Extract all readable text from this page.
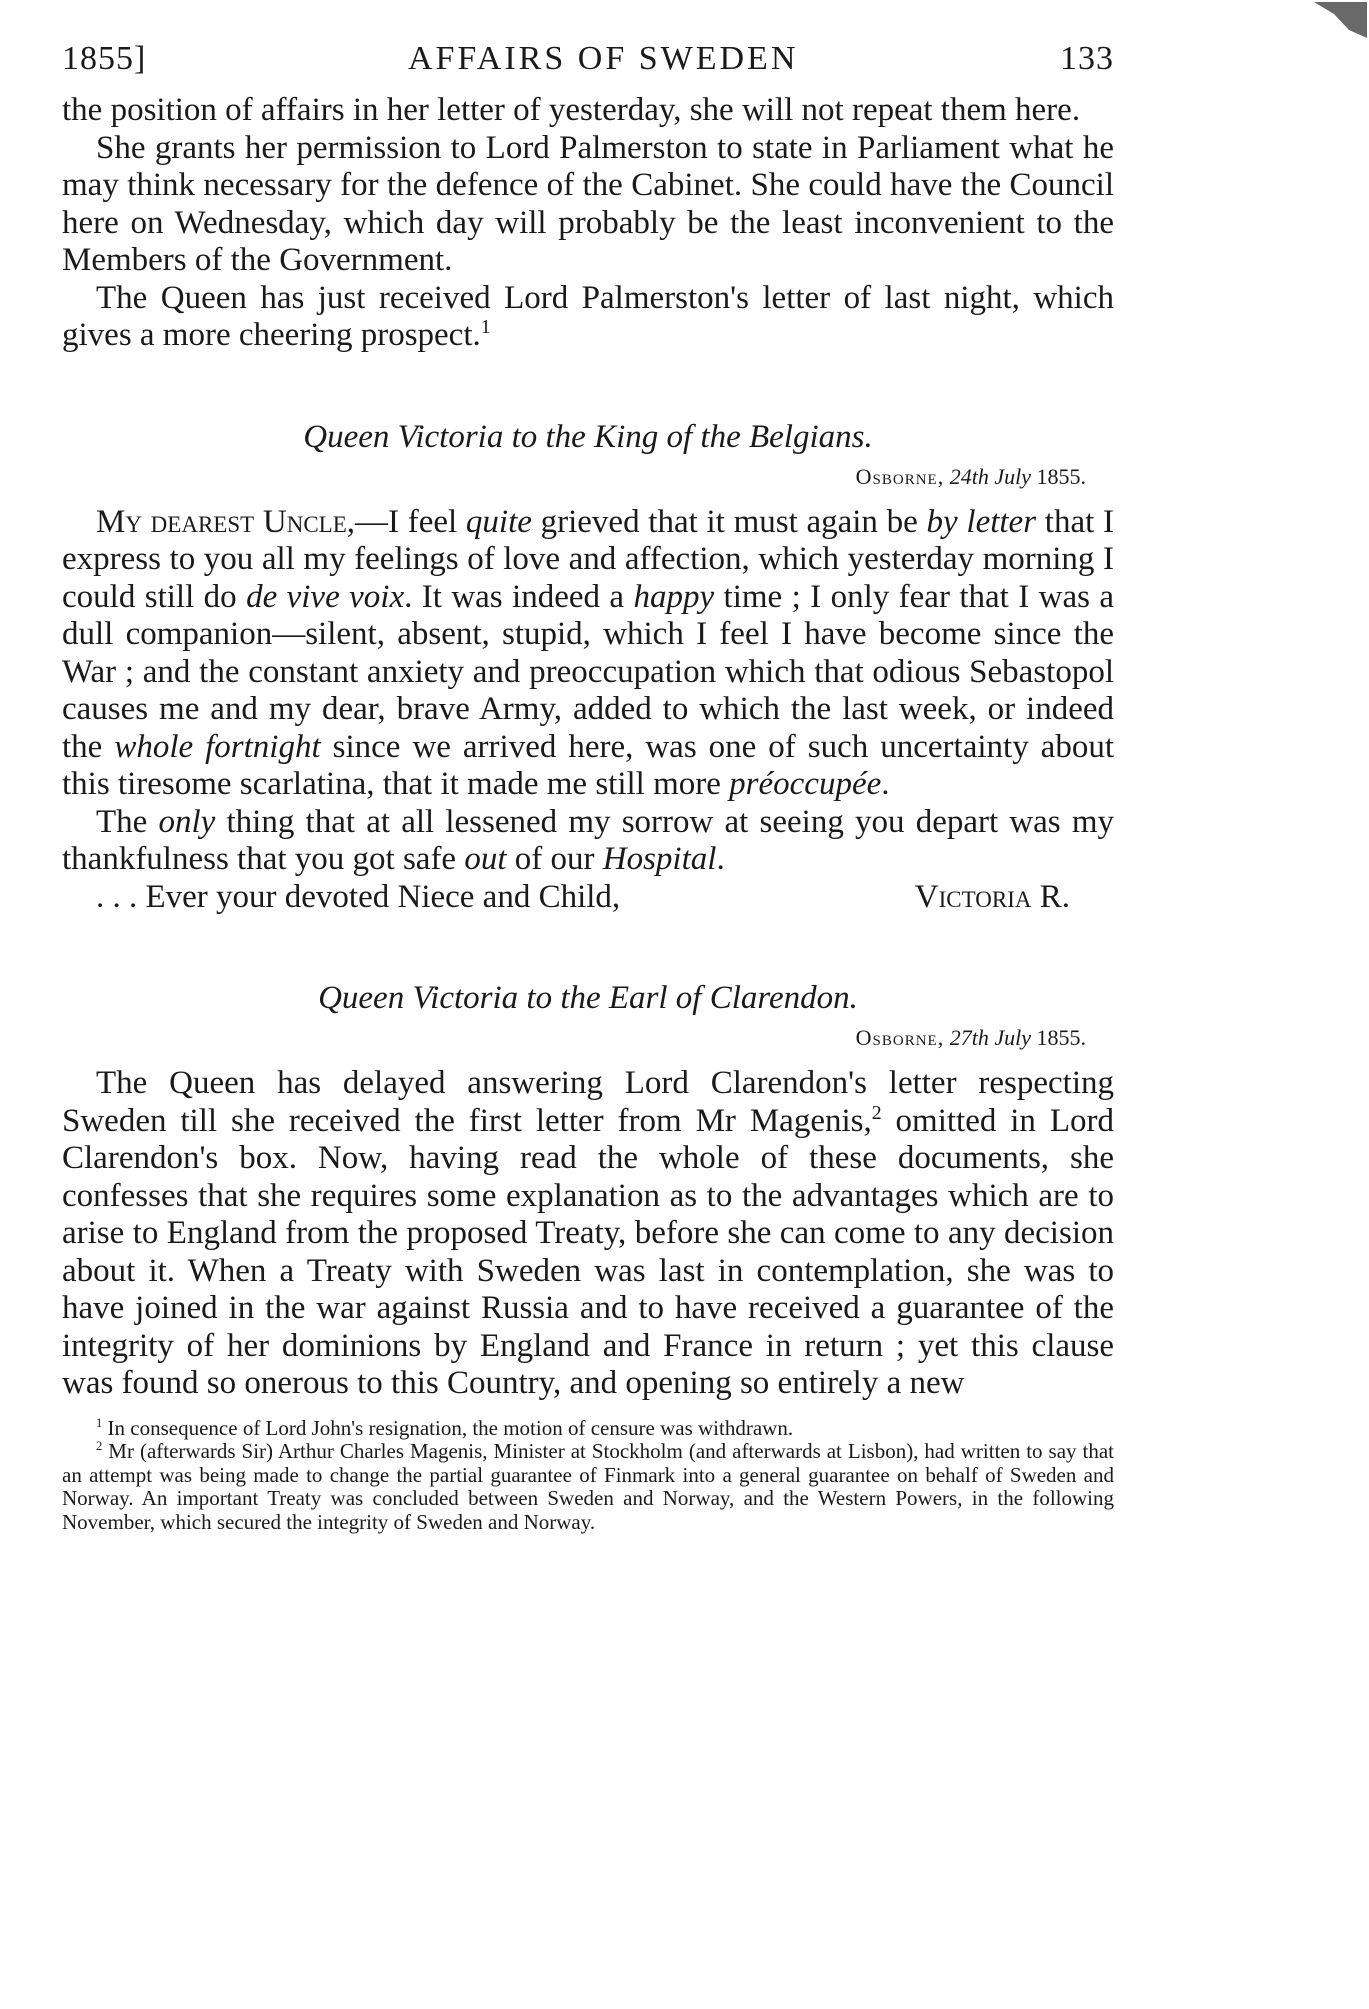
1855]	AFFAIRS OF SWEDEN	133

the position of affairs in her letter of yesterday, she will not repeat them here.

She grants her permission to Lord Palmerston to state in Parliament what he may think necessary for the defence of the Cabinet. She could have the Council here on Wednesday, which day will probably be the least inconvenient to the Members of the Government.

The Queen has just received Lord Palmerston's letter of last night, which gives a more cheering prospect.$^1$

Queen Victoria to the King of the Belgians.
Osborne, 24th July 1855.

My dearest Uncle,—I feel quite grieved that it must again be by letter that I express to you all my feelings of love and affection, which yesterday morning I could still do de vive voix. It was indeed a happy time ; I only fear that I was a dull companion—silent, absent, stupid, which I feel I have become since the War ; and the constant anxiety and preoccupation which that odious Sebastopol causes me and my dear, brave Army, added to which the last week, or indeed the whole fortnight since we arrived here, was one of such uncertainty about this tiresome scarlatina, that it made me still more préoccupée.

The only thing that at all lessened my sorrow at seeing you depart was my thankfulness that you got safe out of our Hospital.

. . . Ever your devoted Niece and Child,	Victoria R.

Queen Victoria to the Earl of Clarendon.
Osborne, 27th July 1855.

The Queen has delayed answering Lord Clarendon's letter respecting Sweden till she received the first letter from Mr Magenis,$^2$ omitted in Lord Clarendon's box. Now, having read the whole of these documents, she confesses that she requires some explanation as to the advantages which are to arise to England from the proposed Treaty, before she can come to any decision about it. When a Treaty with Sweden was last in contemplation, she was to have joined in the war against Russia and to have received a guarantee of the integrity of her dominions by England and France in return ; yet this clause was found so onerous to this Country, and opening so entirely a new

$^1$ In consequence of Lord John's resignation, the motion of censure was withdrawn.

$^2$ Mr (afterwards Sir) Arthur Charles Magenis, Minister at Stockholm (and afterwards at Lisbon), had written to say that an attempt was being made to change the partial guarantee of Finmark into a general guarantee on behalf of Sweden and Norway. An important Treaty was concluded between Sweden and Norway, and the Western Powers, in the following November, which secured the integrity of Sweden and Norway.
